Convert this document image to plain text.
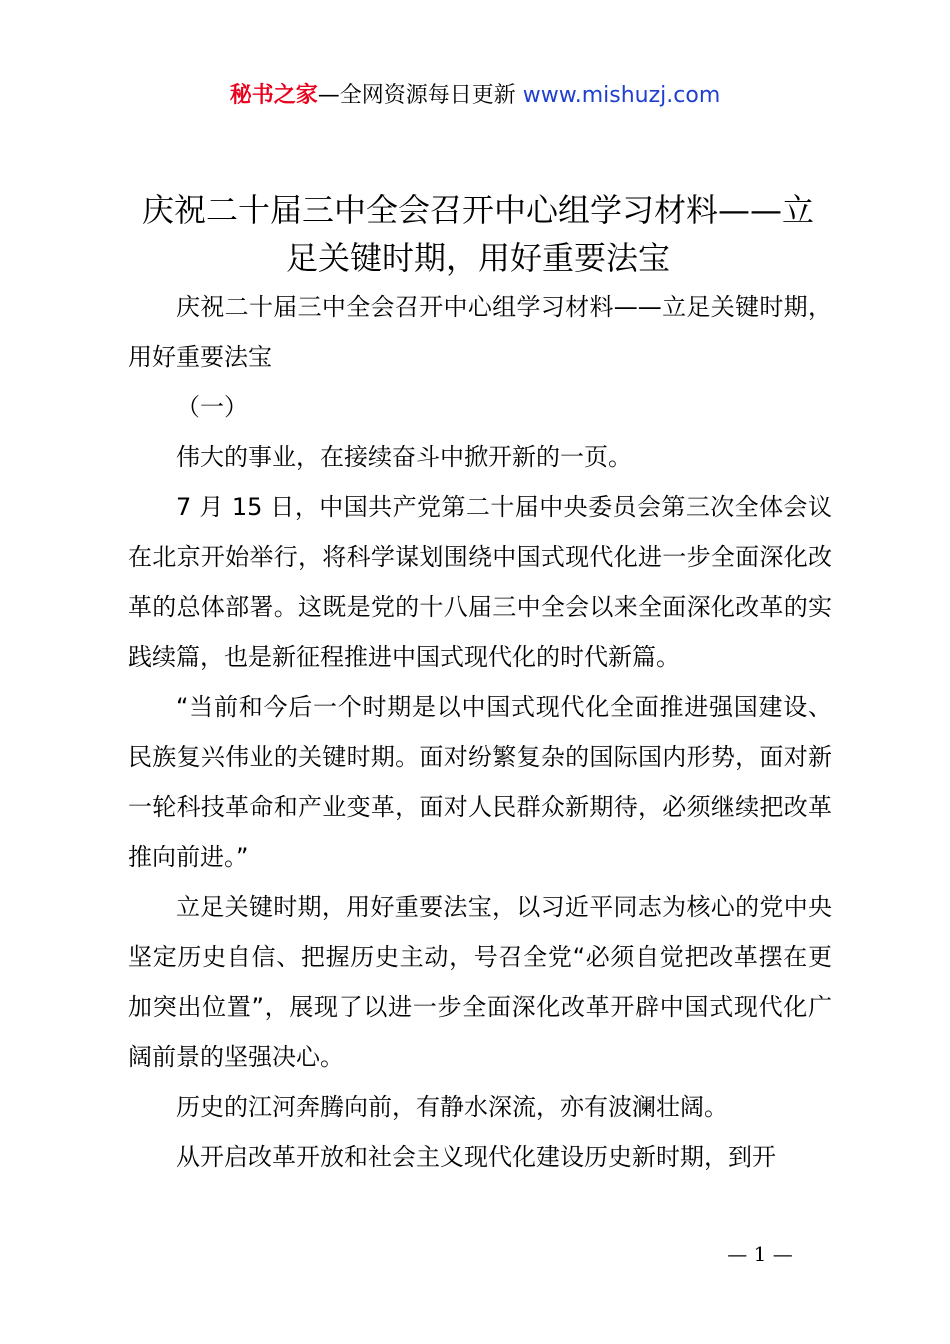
秘书之家—全网资源每日更新 www.mishuzj.com
庆祝二十届三中全会召开中心组学习材料——立足关键时期，用好重要法宝

庆祝二十届三中全会召开中心组学习材料——立足关键时期，用好重要法宝

（一）

伟大的事业，在接续奋斗中掀开新的一页。

7 月 15 日，中国共产党第二十届中央委员会第三次全体会议在北京开始举行，将科学谋划围绕中国式现代化进一步全面深化改革的总体部署。这既是党的十八届三中全会以来全面深化改革的实践续篇，也是新征程推进中国式现代化的时代新篇。

“当前和今后一个时期是以中国式现代化全面推进强国建设、民族复兴伟业的关键时期。面对纷繁复杂的国际国内形势，面对新一轮科技革命和产业变革，面对人民群众新期待，必须继续把改革推向前进。”

立足关键时期，用好重要法宝，以习近平同志为核心的党中央坚定历史自信、把握历史主动，号召全党“必须自觉把改革摆在更加突出位置”，展现了以进一步全面深化改革开辟中国式现代化广阔前景的坚强决心。

历史的江河奔腾向前，有静水深流，亦有波澜壮阔。

从开启改革开放和社会主义现代化建设历史新时期，到开

— 1 —
